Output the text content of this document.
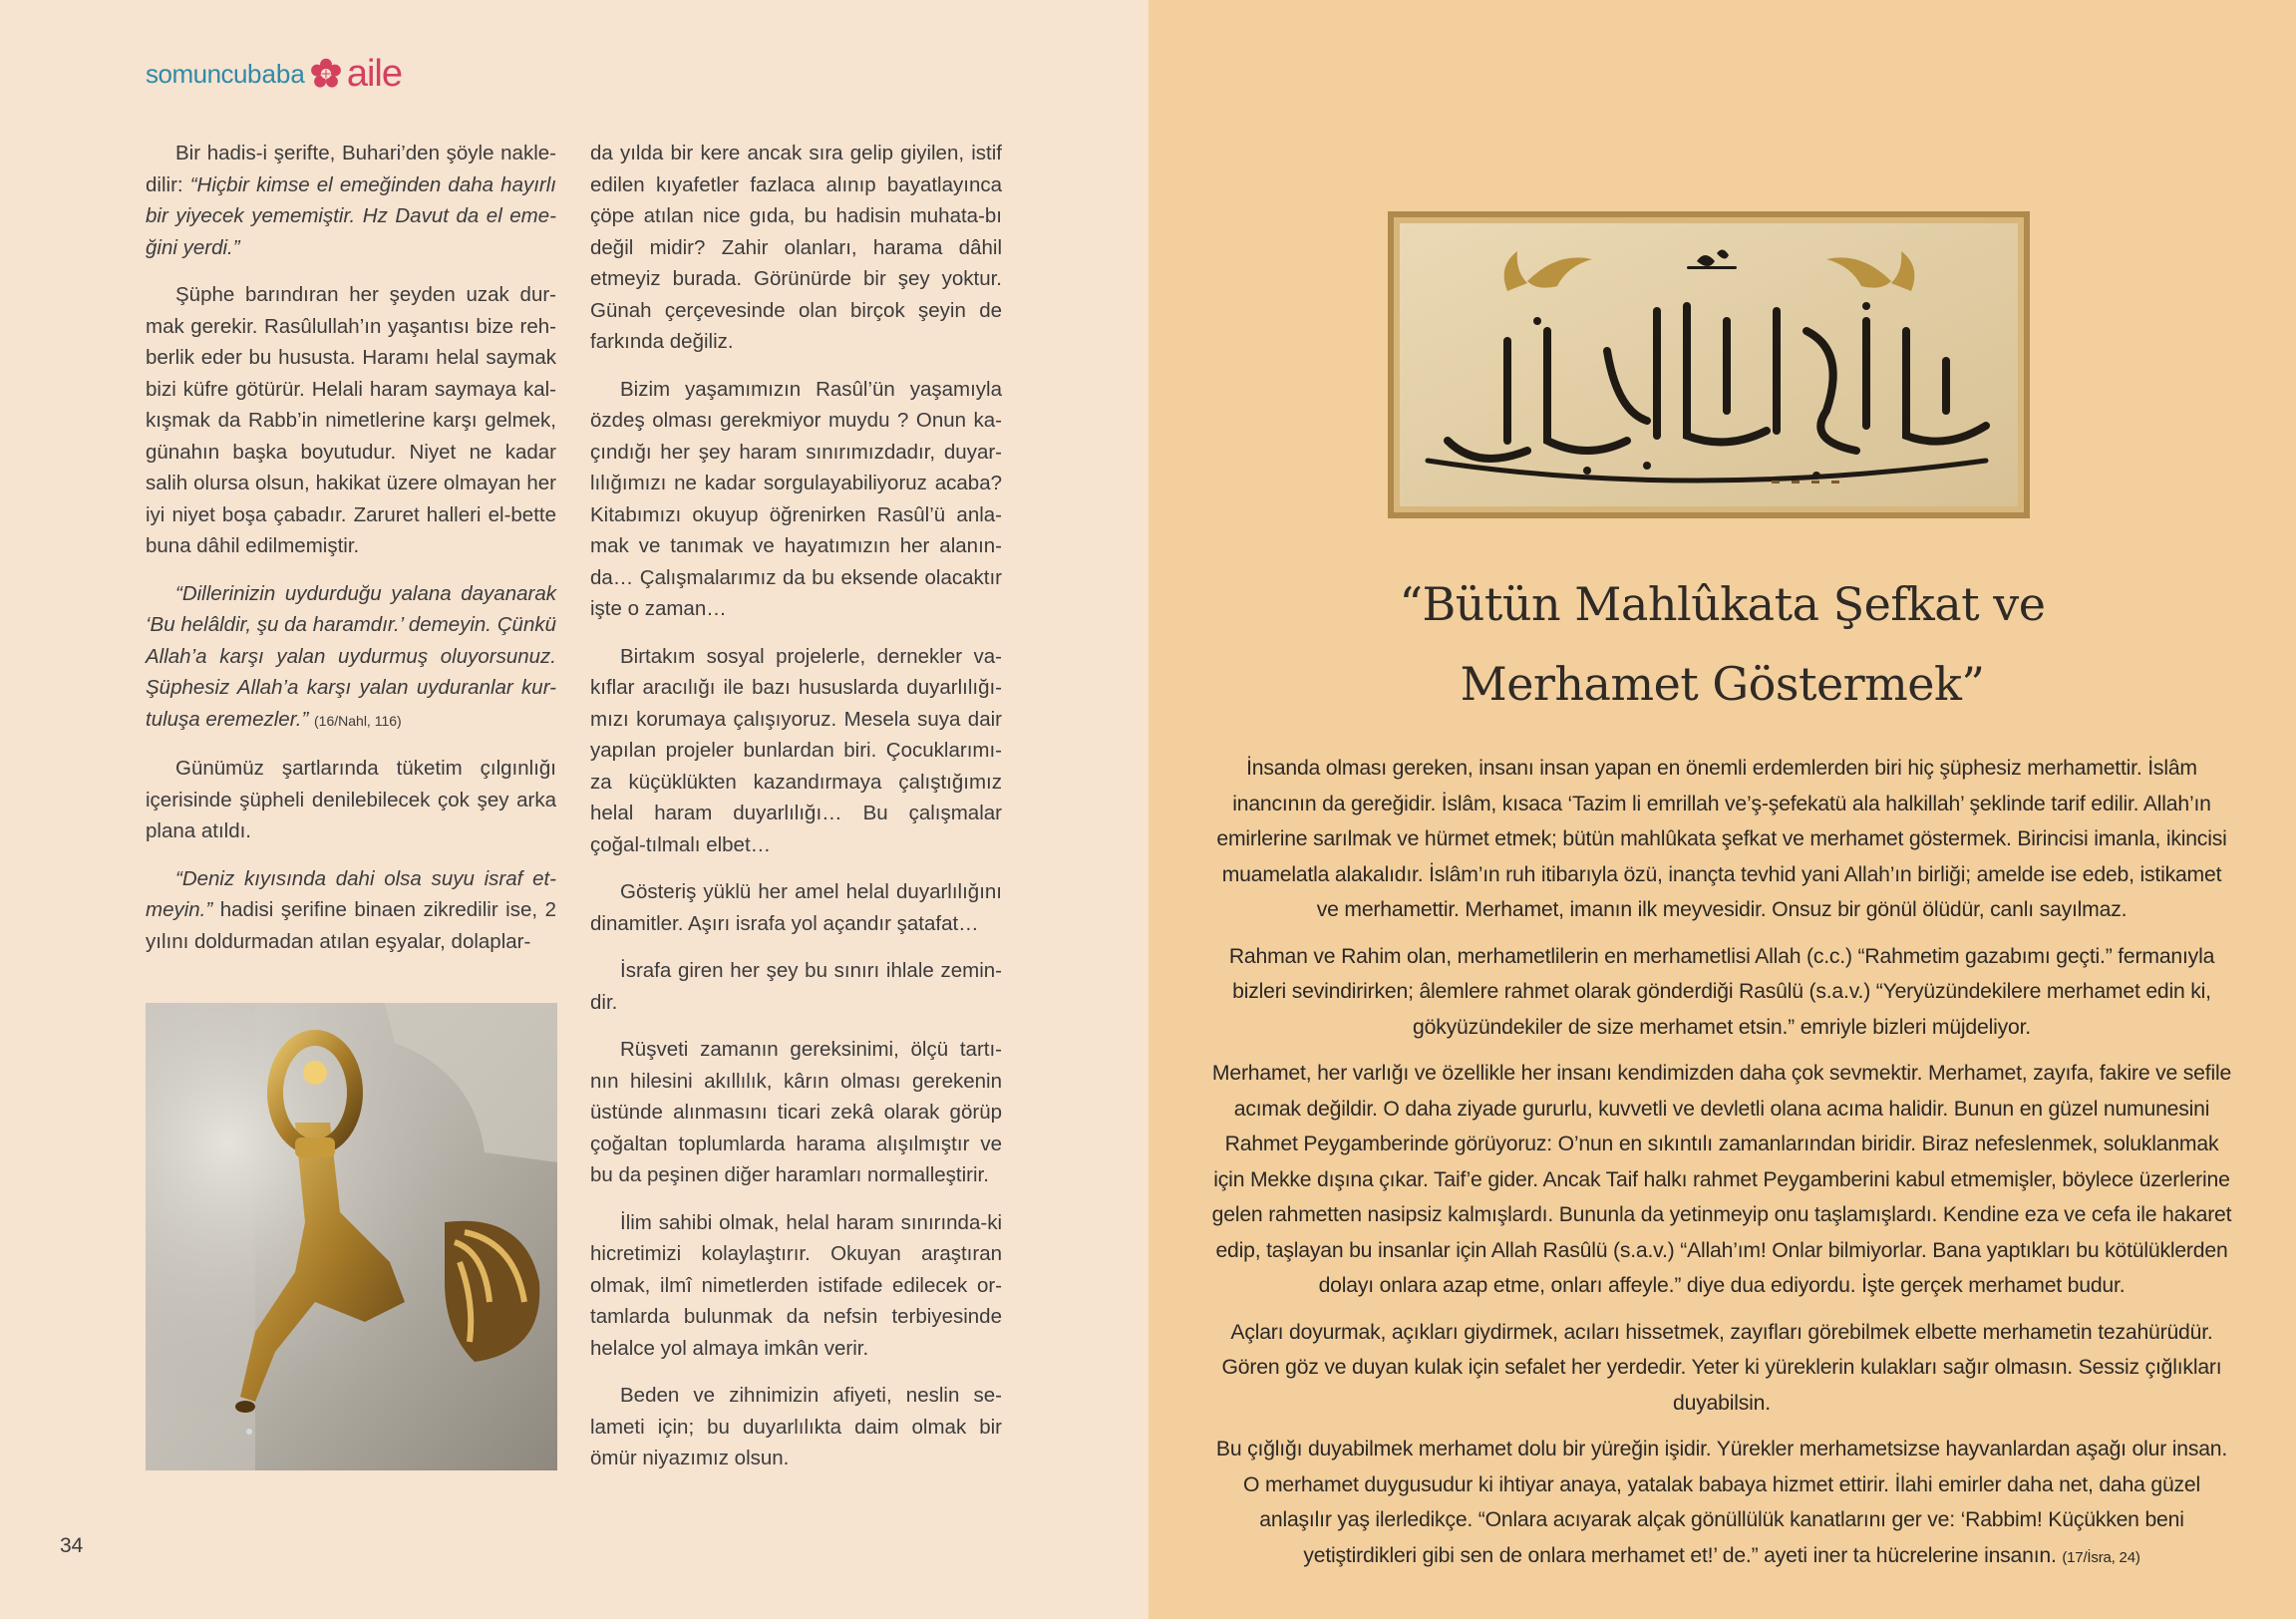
somuncu baba aile

Bir hadis-i şerifte, Buhari’den şöyle nakle-dilir: “Hiçbir kimse el emeğinden daha hayırlı bir yiyecek yememiştir. Hz Davut da el eme-ğini yerdi.”

Şüphe barındıran her şeyden uzak dur-mak gerekir. Rasûlullah’ın yaşantısı bize reh-berlik eder bu hususta. Haramı helal saymak bizi küfre götürür. Helali haram saymaya kal-kışmak da Rabb’in nimetlerine karşı gelmek, günahın başka boyutudur. Niyet ne kadar salih olursa olsun, hakikat üzere olmayan her iyi niyet boşa çabadır. Zaruret halleri el-bette buna dâhil edilmemiştir.

“Dillerinizin uydurduğu yalana dayanarak ‘Bu helâldir, şu da haramdır.’ demeyin. Çünkü Allah’a karşı yalan uydurmuş oluyorsunuz. Şüphesiz Allah’a karşı yalan uyduranlar kur-tuluşa eremezler.” (16/Nahl, 116)

Günümüz şartlarında tüketim çılgınlığı içerisinde şüpheli denilebilecek çok şey arka plana atıldı.

“Deniz kıyısında dahi olsa suyu israf et-meyin.” hadisi şerifine binaen zikredilir ise, 2 yılını doldurmadan atılan eşyalar, dolaplar-

da yılda bir kere ancak sıra gelip giyilen, istif edilen kıyafetler fazlaca alınıp bayatlayınca çöpe atılan nice gıda, bu hadisin muhata-bı değil midir? Zahir olanları, harama dâhil etmeyiz burada. Görünürde bir şey yoktur. Günah çerçevesinde olan birçok şeyin de farkında değiliz.

Bizim yaşamımızın Rasûl’ün yaşamıyla özdeş olması gerekmiyor muydu ? Onun ka-çındığı her şey haram sınırımızdadır, duyar-lılığımızı ne kadar sorgulayabiliyoruz acaba? Kitabımızı okuyup öğrenirken Rasûl’ü anla-mak ve tanımak ve hayatımızın her alanın-da… Çalışmalarımız da bu eksende olacaktır işte o zaman…

Birtakım sosyal projelerle, dernekler va-kıflar aracılığı ile bazı hususlarda duyarlılığı-mızı korumaya çalışıyoruz. Mesela suya dair yapılan projeler bunlardan biri. Çocuklarımı-za küçüklükten kazandırmaya çalıştığımız helal haram duyarlılığı… Bu çalışmalar çoğal-tılmalı elbet…

Gösteriş yüklü her amel helal duyarlılığını dinamitler. Aşırı israfa yol açandır şatafat…

İsrafa giren her şey bu sınırı ihlale zemin-dir.

Rüşveti zamanın gereksinimi, ölçü tartı-nın hilesini akıllılık, kârın olması gerekenin üstünde alınmasını ticari zekâ olarak görüp çoğaltan toplumlarda harama alışılmıştır ve bu da peşinen diğer haramları normalleştirir.

İlim sahibi olmak, helal haram sınırında-ki hicretimizi kolaylaştırır. Okuyan araştıran olmak, ilmî nimetlerden istifade edilecek or-tamlarda bulunmak da nefsin terbiyesinde helalce yol almaya imkân verir.

Beden ve zihnimizin afiyeti, neslin se-lameti için; bu duyarlılıkta daim olmak bir ömür niyazımız olsun.

34
“Bütün Mahlûkata Şefkat ve
Merhamet Göstermek”

İnsanda olması gereken, insanı insan yapan en önemli erdemlerden biri hiç şüphesiz merhamettir. İslâm inancının da gereğidir. İslâm, kısaca ‘Tazim li emrillah ve’ş-şefekatü ala halkillah’ şeklinde tarif edilir. Allah’ın emirlerine sarılmak ve hürmet etmek; bütün mahlûkata şefkat ve merhamet göstermek. Birincisi imanla, ikincisi muamelatla alakalıdır. İslâm’ın ruh itibarıyla özü, inançta tevhid yani Allah’ın birliği; amelde ise edeb, istikamet ve merhamettir. Merhamet, imanın ilk meyvesidir. Onsuz bir gönül ölüdür, canlı sayılmaz.

Rahman ve Rahim olan, merhametlilerin en merhametlisi Allah (c.c.) “Rahmetim gazabımı geçti.” fermanıyla bizleri sevindirirken; âlemlere rahmet olarak gönderdiği Rasûlü (s.a.v.) “Yeryüzündekilere merhamet edin ki, gökyüzündekiler de size merhamet etsin.” emriyle bizleri müjdeliyor.

Merhamet, her varlığı ve özellikle her insanı kendimizden daha çok sevmektir. Merhamet, zayıfa, fakire ve sefile acımak değildir. O daha ziyade gururlu, kuvvetli ve devletli olana acıma halidir. Bunun en güzel numunesini Rahmet Peygamberinde görüyoruz: O’nun en sıkıntılı zamanlarından biridir. Biraz nefeslenmek, soluklanmak için Mekke dışına çıkar. Taif’e gider. Ancak Taif halkı rahmet Peygamberini kabul etmemişler, böylece üzerlerine gelen rahmetten nasipsiz kalmışlardı. Bununla da yetinmeyip onu taşlamışlardı. Kendine eza ve cefa ile hakaret edip, taşlayan bu insanlar için Allah Rasûlü (s.a.v.) “Allah’ım! Onlar bilmiyorlar. Bana yaptıkları bu kötülüklerden dolayı onlara azap etme, onları affeyle.” diye dua ediyordu. İşte gerçek merhamet budur.

Açları doyurmak, açıkları giydirmek, acıları hissetmek, zayıfları görebilmek elbette merhametin tezahürüdür. Gören göz ve duyan kulak için sefalet her yerdedir. Yeter ki yüreklerin kulakları sağır olmasın. Sessiz çığlıkları duyabilsin.

Bu çığlığı duyabilmek merhamet dolu bir yüreğin işidir. Yürekler merhametsizse hayvanlardan aşağı olur insan. O merhamet duygusudur ki ihtiyar anaya, yatalak babaya hizmet ettirir. İlahi emirler daha net, daha güzel anlaşılır yaş ilerledikçe. “Onlara acıyarak alçak gönüllülük kanatlarını ger ve: ‘Rabbim! Küçükken beni yetiştirdikleri gibi sen de onlara merhamet et!’ de.” ayeti iner ta hücrelerine insanın. (17/İsra, 24)
